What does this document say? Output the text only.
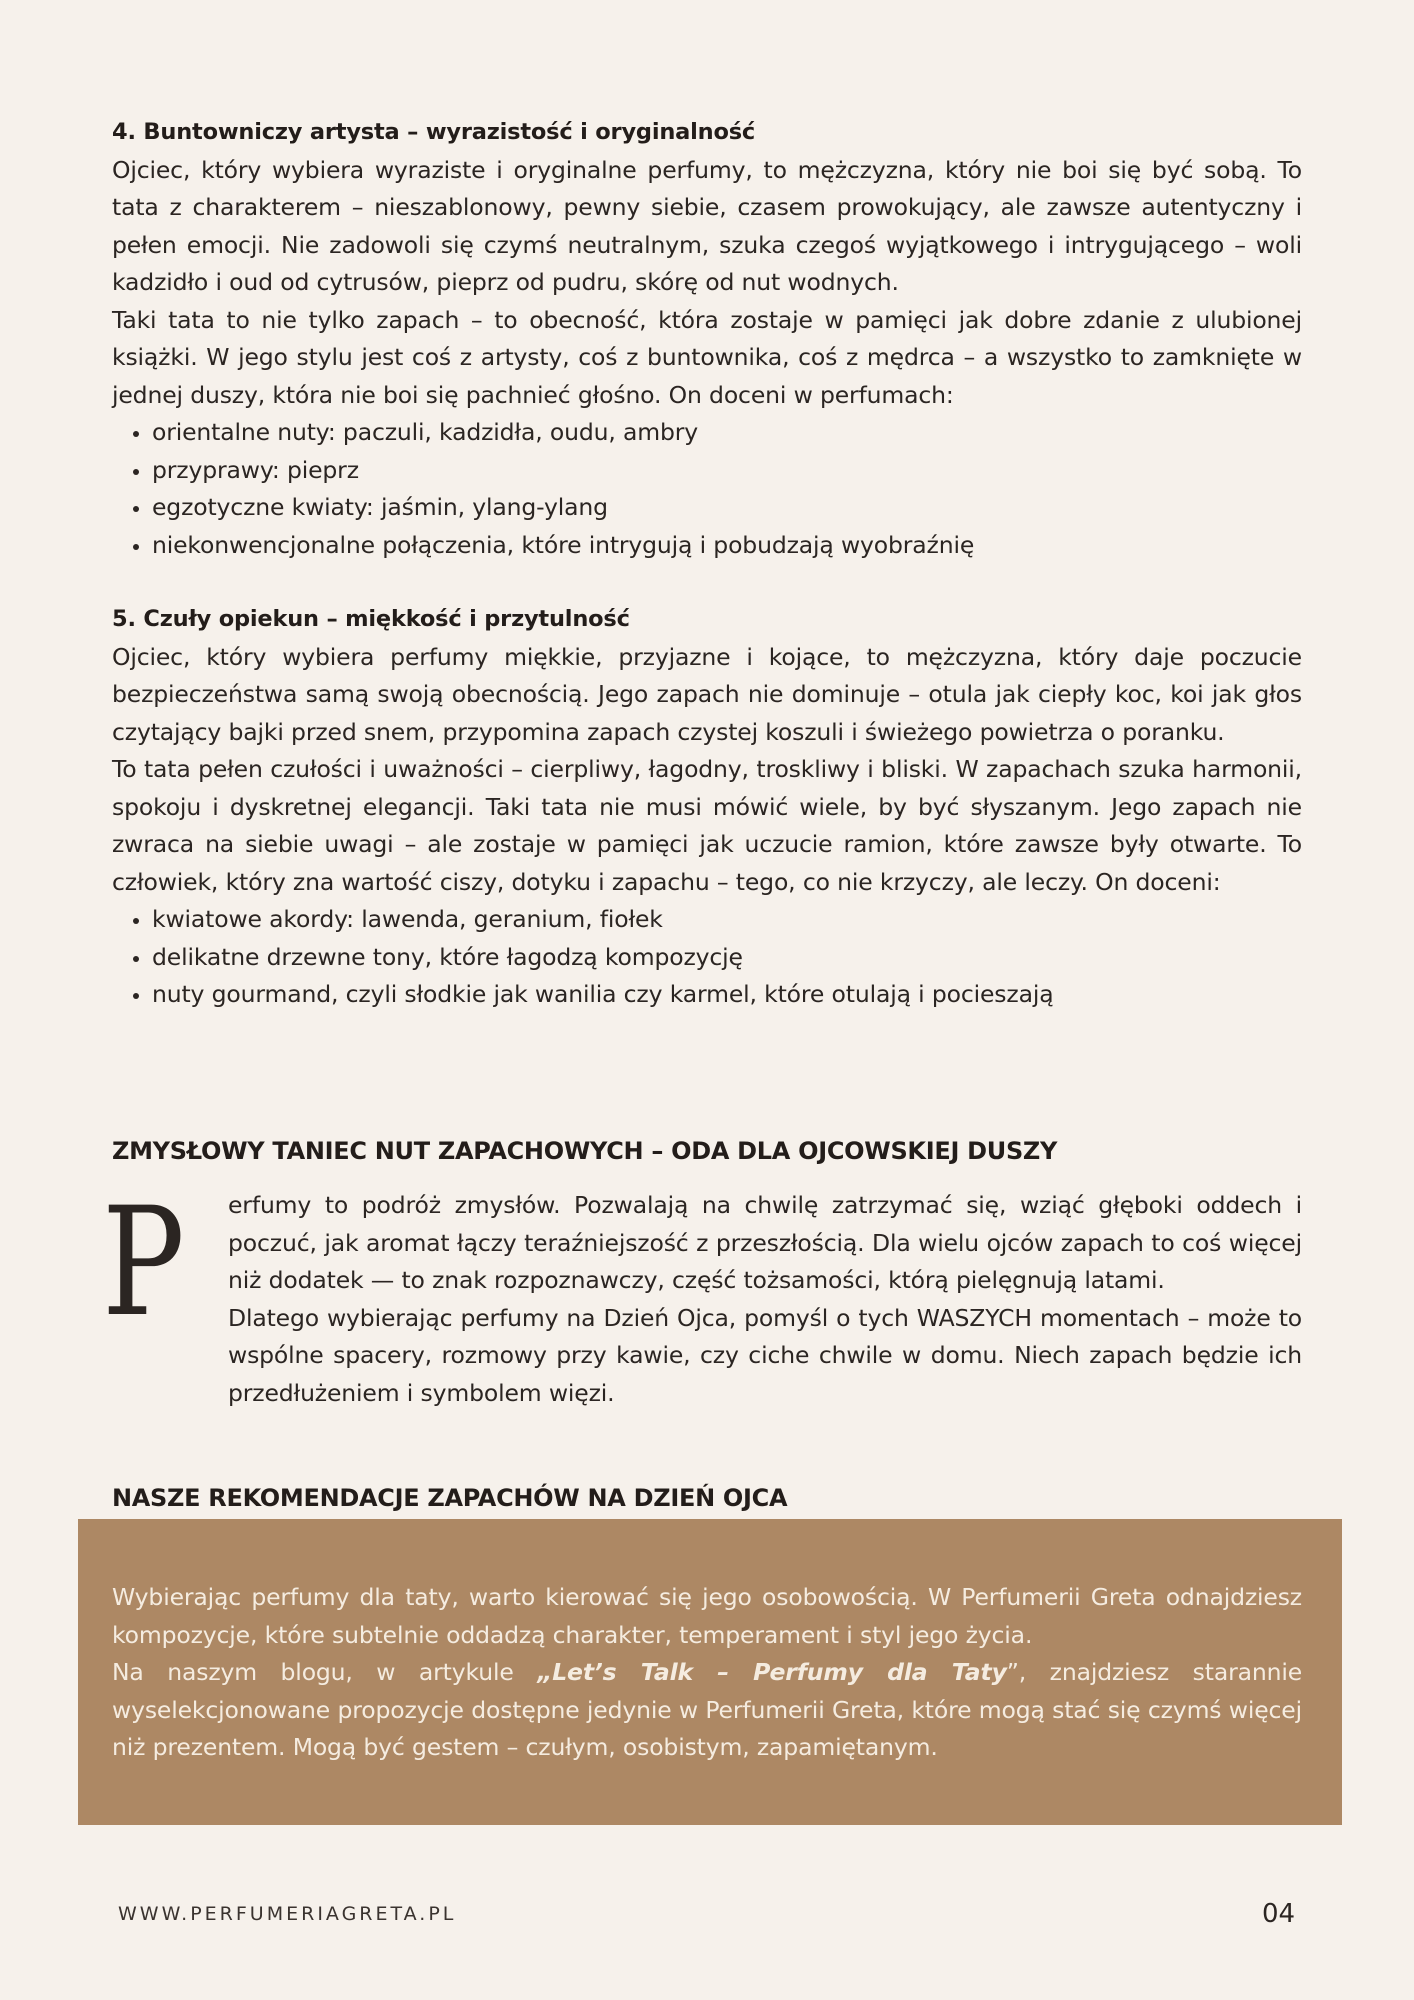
4. Buntowniczy artysta – wyrazistość i oryginalność

Ojciec, który wybiera wyraziste i oryginalne perfumy, to mężczyzna, który nie boi się być sobą. To tata z charakterem – nieszablonowy, pewny siebie, czasem prowokujący, ale zawsze autentyczny i pełen emocji. Nie zadowoli się czymś neutralnym, szuka czegoś wyjątkowego i intrygującego – woli kadzidło i oud od cytrusów, pieprz od pudru, skórę od nut wodnych.

Taki tata to nie tylko zapach – to obecność, która zostaje w pamięci jak dobre zdanie z ulubionej książki. W jego stylu jest coś z artysty, coś z buntownika, coś z mędrca – a wszystko to zamknięte w jednej duszy, która nie boi się pachnieć głośno. On doceni w perfumach:

• orientalne nuty: paczuli, kadzidła, oudu, ambry
• przyprawy: pieprz
• egzotyczne kwiaty: jaśmin, ylang-ylang
• niekonwencjonalne połączenia, które intrygują i pobudzają wyobraźnię

5. Czuły opiekun – miękkość i przytulność

Ojciec, który wybiera perfumy miękkie, przyjazne i kojące, to mężczyzna, który daje poczucie bezpieczeństwa samą swoją obecnością. Jego zapach nie dominuje – otula jak ciepły koc, koi jak głos czytający bajki przed snem, przypomina zapach czystej koszuli i świeżego powietrza o poranku.

To tata pełen czułości i uważności – cierpliwy, łagodny, troskliwy i bliski. W zapachach szuka harmonii, spokoju i dyskretnej elegancji. Taki tata nie musi mówić wiele, by być słyszanym. Jego zapach nie zwraca na siebie uwagi – ale zostaje w pamięci jak uczucie ramion, które zawsze były otwarte. To człowiek, który zna wartość ciszy, dotyku i zapachu – tego, co nie krzyczy, ale leczy. On doceni:

• kwiatowe akordy: lawenda, geranium, fiołek
• delikatne drzewne tony, które łagodzą kompozycję
• nuty gourmand, czyli słodkie jak wanilia czy karmel, które otulają i pocieszają
ZMYSŁOWY TANIEC NUT ZAPACHOWYCH – ODA DLA OJCOWSKIEJ DUSZY
P erfumy to podróż zmysłów. Pozwalają na chwilę zatrzymać się, wziąć głęboki oddech i poczuć, jak aromat łączy teraźniejszość z przeszłością. Dla wielu ojców zapach to coś więcej niż dodatek — to znak rozpoznawczy, część tożsamości, którą pielęgnują latami.

Dlatego wybierając perfumy na Dzień Ojca, pomyśl o tych WASZYCH momentach – może to wspólne spacery, rozmowy przy kawie, czy ciche chwile w domu. Niech zapach będzie ich przedłużeniem i symbolem więzi.

NASZE REKOMENDACJE ZAPACHÓW NA DZIEŃ OJCA

Wybierając perfumy dla taty, warto kierować się jego osobowością. W Perfumerii Greta odnajdziesz kompozycje, które subtelnie oddadzą charakter, temperament i styl jego życia.

Na naszym blogu, w artykule „Let’s Talk – Perfumy dla Taty”, znajdziesz starannie wyselekcjonowane propozycje dostępne jedynie w Perfumerii Greta, które mogą stać się czymś więcej niż prezentem. Mogą być gestem – czułym, osobistym, zapamiętanym.

WWW.PERFUMERIAGRETA.PL	04
